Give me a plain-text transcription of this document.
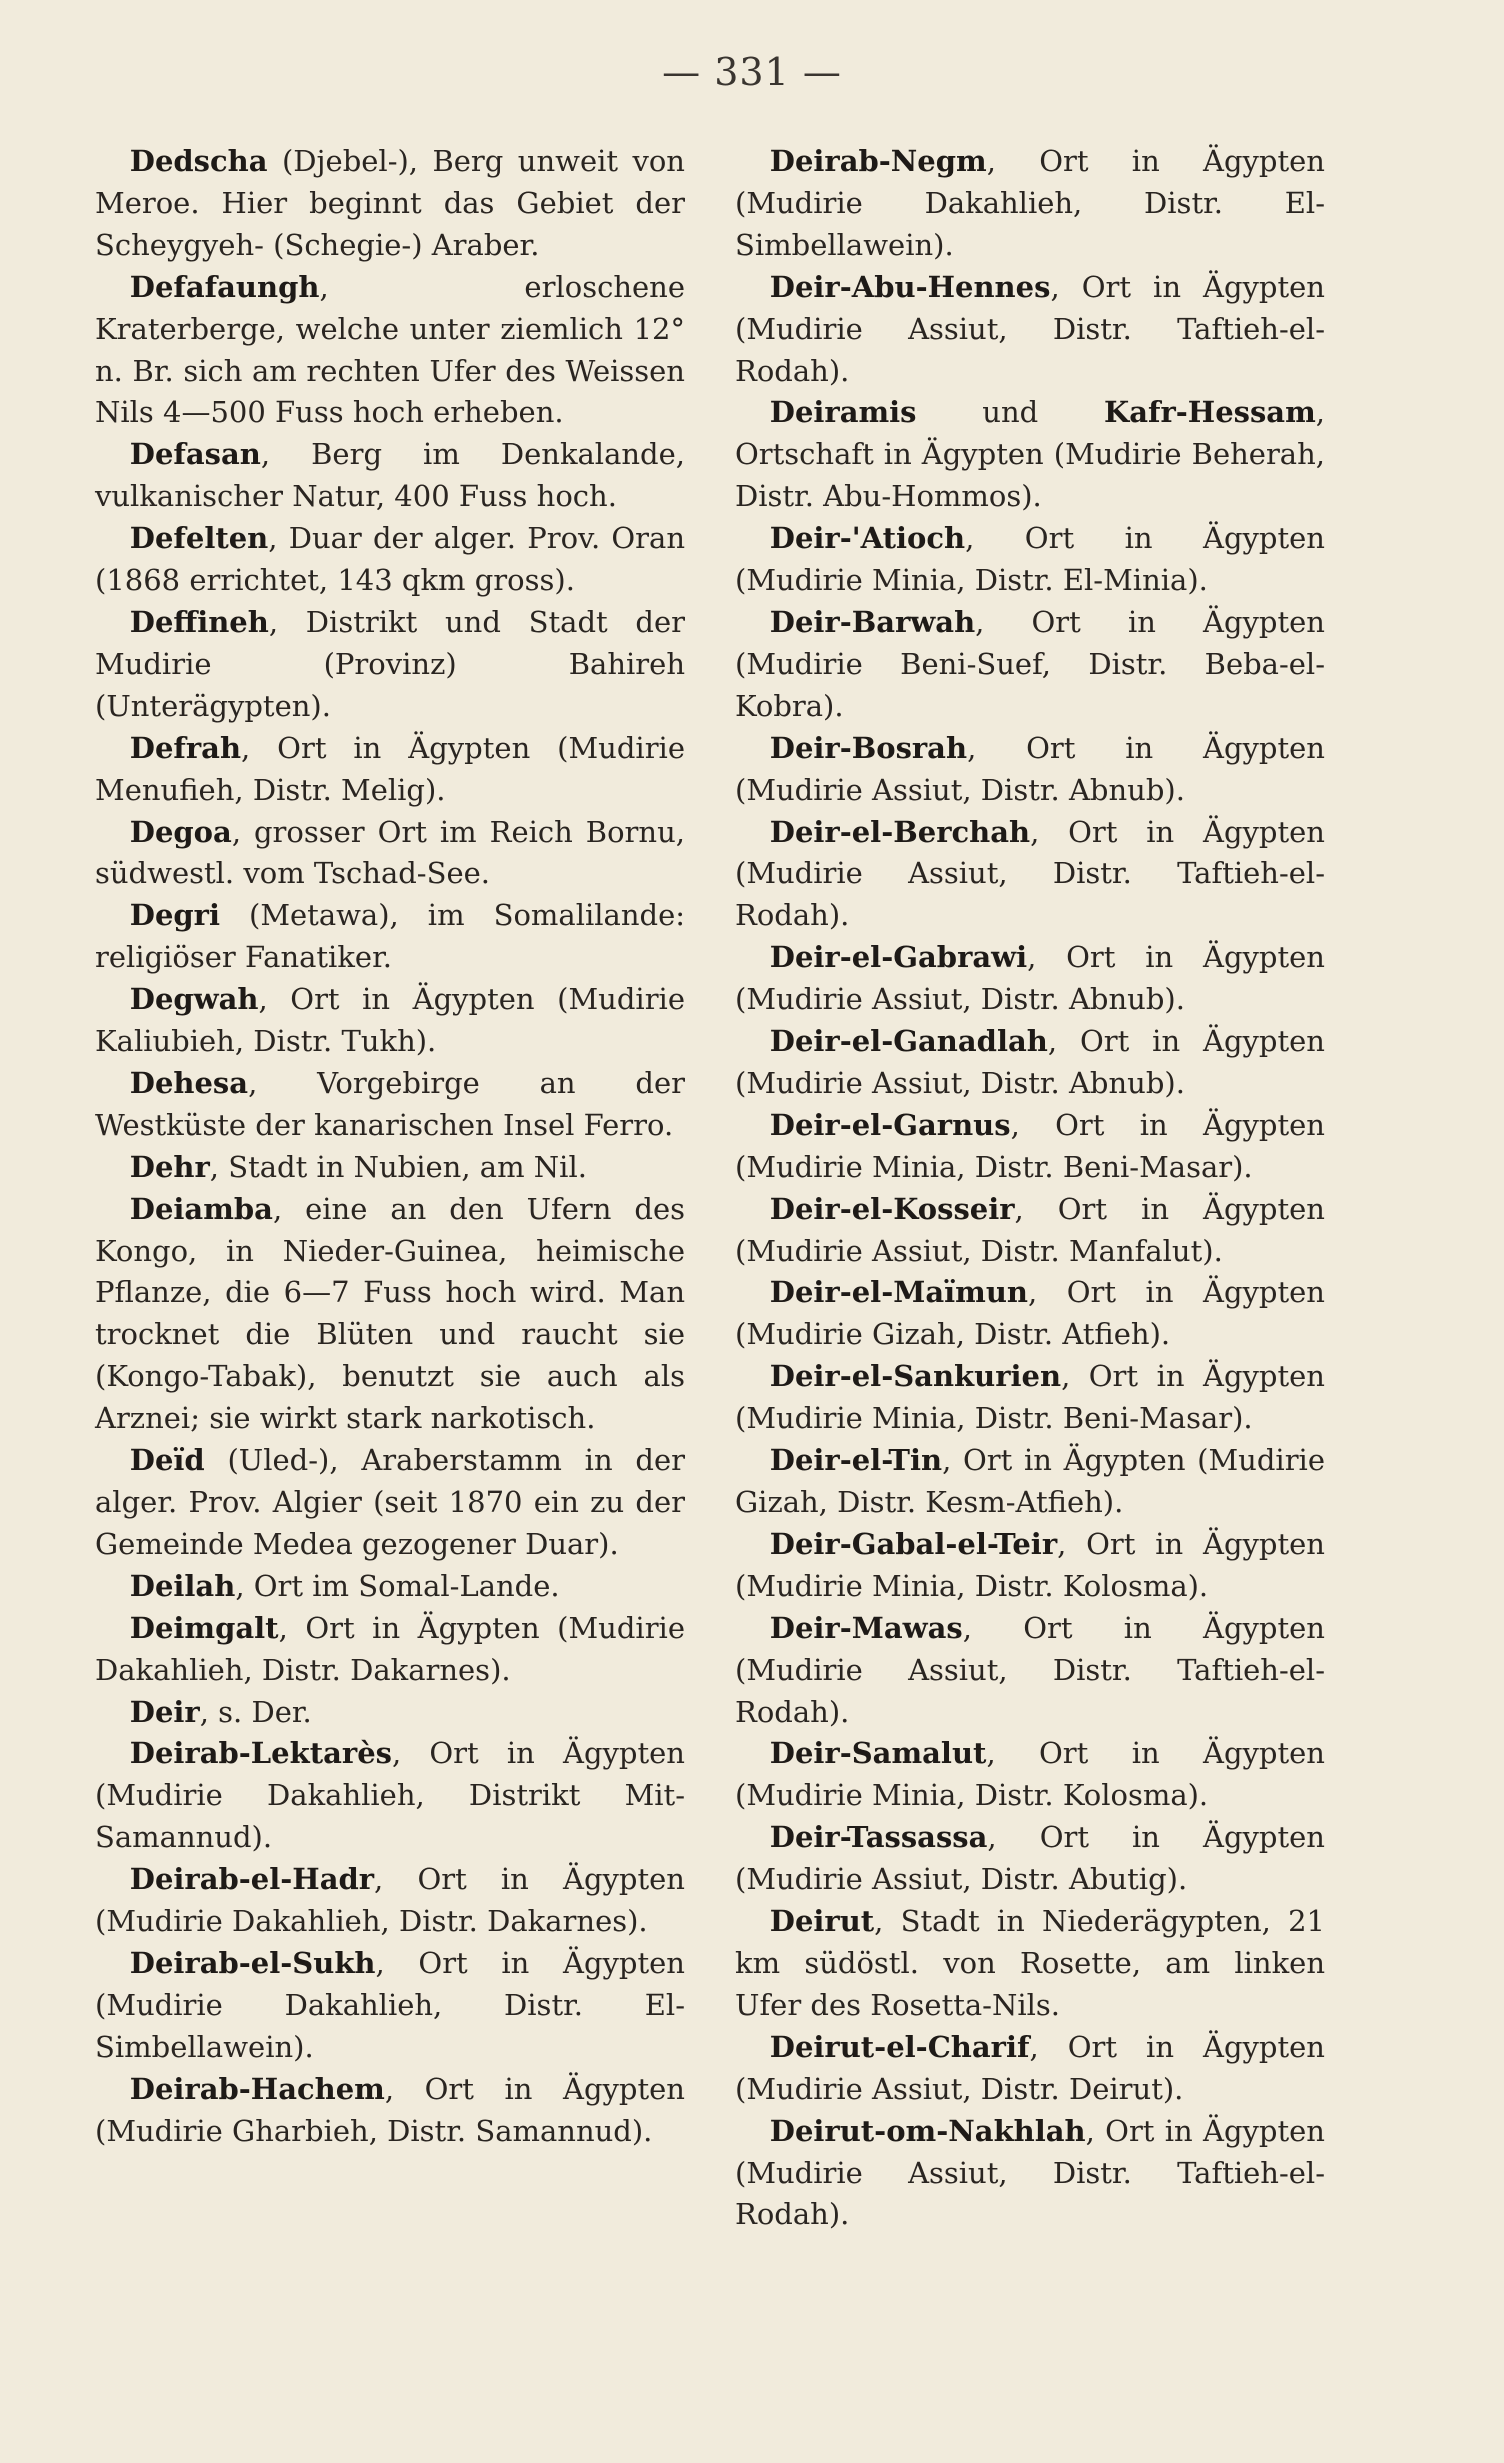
— 331 —

Dedscha (Djebel-), Berg unweit von Meroe. Hier beginnt das Gebiet der Scheygyeh- (Schegie-) Araber.

Defafaungh, erloschene Kraterberge, welche unter ziemlich 12° n. Br. sich am rechten Ufer des Weissen Nils 4—500 Fuss hoch erheben.

Defasan, Berg im Denkalande, vulkanischer Natur, 400 Fuss hoch.

Defelten, Duar der alger. Prov. Oran (1868 errichtet, 143 qkm gross).

Deffineh, Distrikt und Stadt der Mudirie (Provinz) Bahireh (Unterägypten).

Defrah, Ort in Ägypten (Mudirie Menufieh, Distr. Melig).

Degoa, grosser Ort im Reich Bornu, südwestl. vom Tschad-See.

Degri (Metawa), im Somalilande: religiöser Fanatiker.

Degwah, Ort in Ägypten (Mudirie Kaliubieh, Distr. Tukh).

Dehesa, Vorgebirge an der Westküste der kanarischen Insel Ferro.

Dehr, Stadt in Nubien, am Nil.

Deiamba, eine an den Ufern des Kongo, in Nieder-Guinea, heimische Pflanze, die 6—7 Fuss hoch wird. Man trocknet die Blüten und raucht sie (Kongo-Tabak), benutzt sie auch als Arznei; sie wirkt stark narkotisch.

Deïd (Uled-), Araberstamm in der alger. Prov. Algier (seit 1870 ein zu der Gemeinde Medea gezogener Duar).

Deilah, Ort im Somal-Lande.

Deimgalt, Ort in Ägypten (Mudirie Dakahlieh, Distr. Dakarnes).

Deir, s. Der.

Deirab-Lektarès, Ort in Ägypten (Mudirie Dakahlieh, Distrikt Mit-Samannud).

Deirab-el-Hadr, Ort in Ägypten (Mudirie Dakahlieh, Distr. Dakarnes).

Deirab-el-Sukh, Ort in Ägypten (Mudirie Dakahlieh, Distr. El-Simbellawein).

Deirab-Hachem, Ort in Ägypten (Mudirie Gharbieh, Distr. Samannud).

Deirab-Negm, Ort in Ägypten (Mudirie Dakahlieh, Distr. El-Simbellawein).

Deir-Abu-Hennes, Ort in Ägypten (Mudirie Assiut, Distr. Taftieh-el-Rodah).

Deiramis und Kafr-Hessam, Ortschaft in Ägypten (Mudirie Beherah, Distr. Abu-Hommos).

Deir-'Atioch, Ort in Ägypten (Mudirie Minia, Distr. El-Minia).

Deir-Barwah, Ort in Ägypten (Mudirie Beni-Suef, Distr. Beba-el-Kobra).

Deir-Bosrah, Ort in Ägypten (Mudirie Assiut, Distr. Abnub).

Deir-el-Berchah, Ort in Ägypten (Mudirie Assiut, Distr. Taftieh-el-Rodah).

Deir-el-Gabrawi, Ort in Ägypten (Mudirie Assiut, Distr. Abnub).

Deir-el-Ganadlah, Ort in Ägypten (Mudirie Assiut, Distr. Abnub).

Deir-el-Garnus, Ort in Ägypten (Mudirie Minia, Distr. Beni-Masar).

Deir-el-Kosseir, Ort in Ägypten (Mudirie Assiut, Distr. Manfalut).

Deir-el-Maïmun, Ort in Ägypten (Mudirie Gizah, Distr. Atfieh).

Deir-el-Sankurien, Ort in Ägypten (Mudirie Minia, Distr. Beni-Masar).

Deir-el-Tin, Ort in Ägypten (Mudirie Gizah, Distr. Kesm-Atfieh).

Deir-Gabal-el-Teir, Ort in Ägypten (Mudirie Minia, Distr. Kolosma).

Deir-Mawas, Ort in Ägypten (Mudirie Assiut, Distr. Taftieh-el-Rodah).

Deir-Samalut, Ort in Ägypten (Mudirie Minia, Distr. Kolosma).

Deir-Tassassa, Ort in Ägypten (Mudirie Assiut, Distr. Abutig).

Deirut, Stadt in Niederägypten, 21 km südöstl. von Rosette, am linken Ufer des Rosetta-Nils.

Deirut-el-Charif, Ort in Ägypten (Mudirie Assiut, Distr. Deirut).

Deirut-om-Nakhlah, Ort in Ägypten (Mudirie Assiut, Distr. Taftieh-el-Rodah).
